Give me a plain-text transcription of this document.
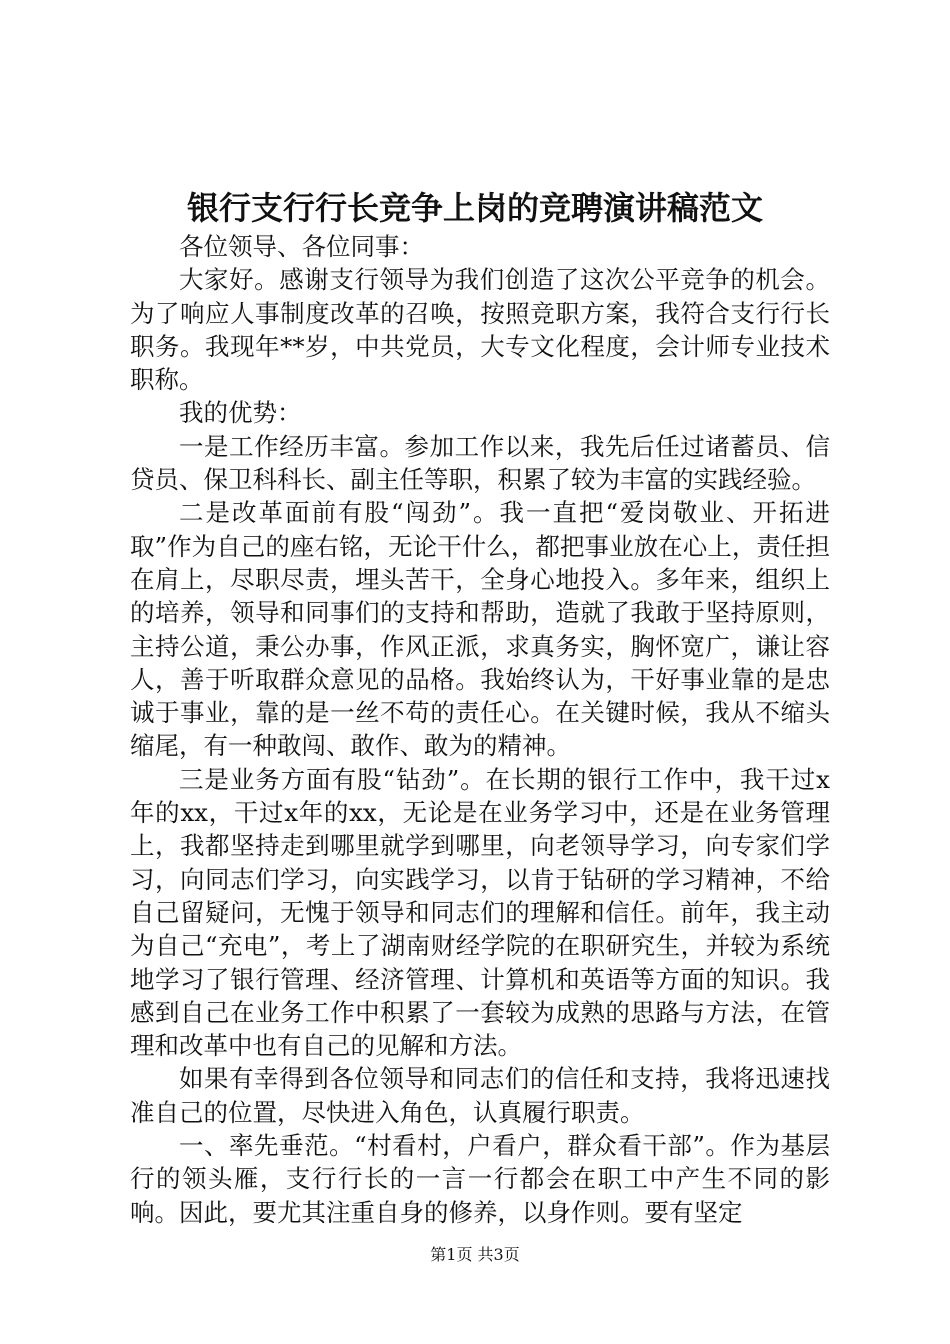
银行支行行长竞争上岗的竞聘演讲稿范文

各位领导、各位同事：

大家好。感谢支行领导为我们创造了这次公平竞争的机会。为了响应人事制度改革的召唤，按照竞职方案，我符合支行行长职务。我现年**岁，中共党员，大专文化程度，会计师专业技术职称。

我的优势：

一是工作经历丰富。参加工作以来，我先后任过诸蓄员、信贷员、保卫科科长、副主任等职，积累了较为丰富的实践经验。

二是改革面前有股“闯劲”。我一直把“爱岗敬业、开拓进取”作为自己的座右铭，无论干什么，都把事业放在心上，责任担在肩上，尽职尽责，埋头苦干，全身心地投入。多年来，组织上的培养，领导和同事们的支持和帮助，造就了我敢于坚持原则，主持公道，秉公办事，作风正派，求真务实，胸怀宽广，谦让容人，善于听取群众意见的品格。我始终认为，干好事业靠的是忠诚于事业，靠的是一丝不苟的责任心。在关键时候，我从不缩头缩尾，有一种敢闯、敢作、敢为的精神。

三是业务方面有股“钻劲”。在长期的银行工作中，我干过x年的xx，干过x年的xx，无论是在业务学习中，还是在业务管理上，我都坚持走到哪里就学到哪里，向老领导学习，向专家们学习，向同志们学习，向实践学习，以肯于钻研的学习精神，不给自己留疑问，无愧于领导和同志们的理解和信任。前年，我主动为自己“充电”，考上了湖南财经学院的在职研究生，并较为系统地学习了银行管理、经济管理、计算机和英语等方面的知识。我感到自己在业务工作中积累了一套较为成熟的思路与方法，在管理和改革中也有自己的见解和方法。

如果有幸得到各位领导和同志们的信任和支持，我将迅速找准自己的位置，尽快进入角色，认真履行职责。

一、率先垂范。“村看村，户看户，群众看干部”。作为基层行的领头雁，支行行长的一言一行都会在职工中产生不同的影响。因此，要尤其注重自身的修养，以身作则。要有坚定

第1页 共3页
